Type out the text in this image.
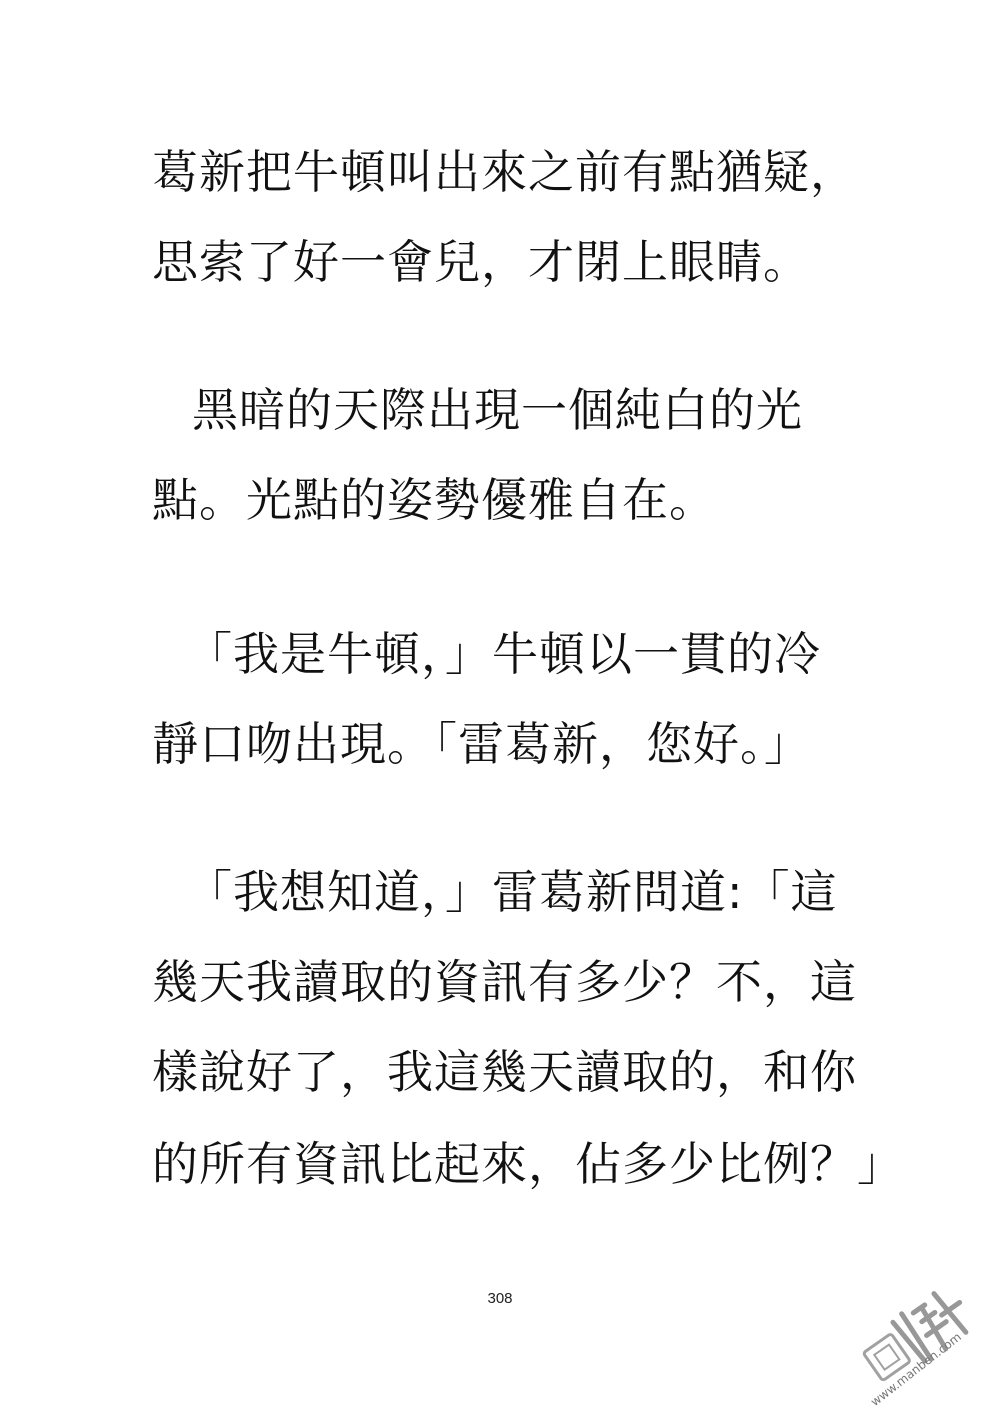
葛新把牛頓叫出來之前有點猶疑，
思索了好一會兒，才閉上眼睛。
黑暗的天際出現一個純白的光
點。光點的姿勢優雅自在。
「我是牛頓，」牛頓以一貫的冷
靜口吻出現。「雷葛新，您好。」
「我想知道，」雷葛新問道:「這
幾天我讀取的資訊有多少？不，這
樣說好了，我這幾天讀取的，和你
的所有資訊比起來，佔多少比例？」
308
www.manben.com
